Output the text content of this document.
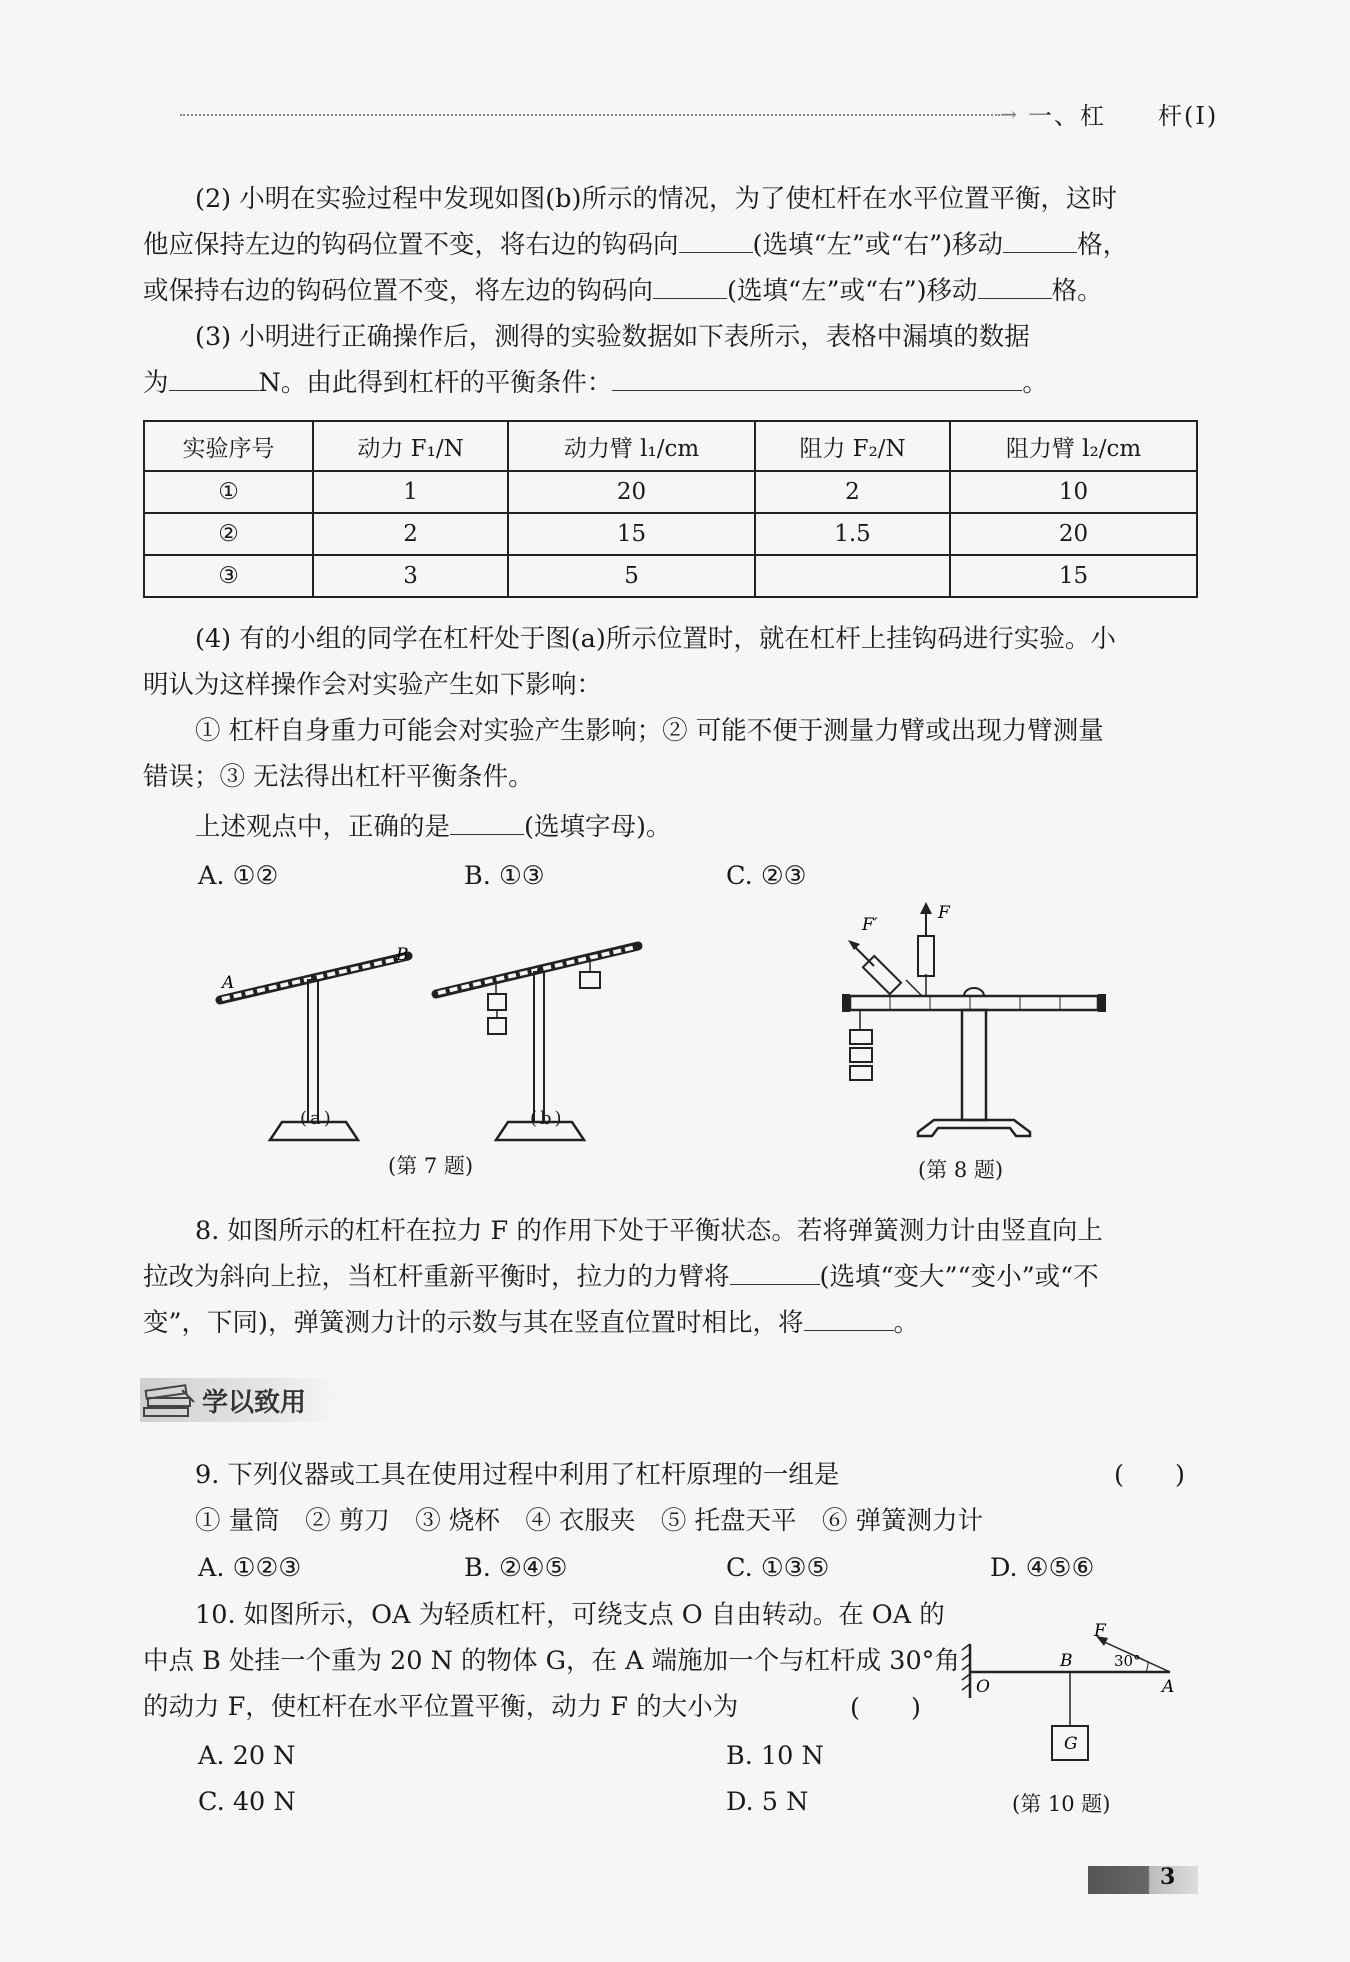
→ 一、杠　　杆(Ⅰ)
(2) 小明在实验过程中发现如图(b)所示的情况，为了使杠杆在水平位置平衡，这时
他应保持左边的钩码位置不变，将右边的钩码向	(选填“左”或“右”)移动	格，
或保持右边的钩码位置不变，将左边的钩码向	(选填“左”或“右”)移动	格。
(3) 小明进行正确操作后，测得的实验数据如下表所示，表格中漏填的数据
为	N。由此得到杠杆的平衡条件：	。
实验序号	动力 F₁/N	动力臂 l₁/cm	阻力 F₂/N	阻力臂 l₂/cm
①	1	20	2	10
②	2	15	1.5	20
③	3	5		15
(4) 有的小组的同学在杠杆处于图(a)所示位置时，就在杠杆上挂钩码进行实验。小
明认为这样操作会对实验产生如下影响：
① 杠杆自身重力可能会对实验产生影响；② 可能不便于测量力臂或出现力臂测量
错误；③ 无法得出杠杆平衡条件。
上述观点中，正确的是	(选填字母)。
A. ①②	B. ①③	C. ②③
A
B
(a)	(b)
(第 7 题)
F
F′
(第 8 题)
8. 如图所示的杠杆在拉力 F 的作用下处于平衡状态。若将弹簧测力计由竖直向上
拉改为斜向上拉，当杠杆重新平衡时，拉力的力臂将	(选填“变大”“变小”或“不
变”，下同)，弹簧测力计的示数与其在竖直位置时相比，将	。
学以致用
9. 下列仪器或工具在使用过程中利用了杠杆原理的一组是	(　　)
① 量筒　② 剪刀　③ 烧杯　④ 衣服夹　⑤ 托盘天平　⑥ 弹簧测力计
A. ①②③	B. ②④⑤	C. ①③⑤	D. ④⑤⑥
10. 如图所示，OA 为轻质杠杆，可绕支点 O 自由转动。在 OA 的
中点 B 处挂一个重为 20 N 的物体 G，在 A 端施加一个与杠杆成 30°角
的动力 F，使杠杆在水平位置平衡，动力 F 的大小为	(　　)
A. 20 N	B. 10 N
C. 40 N	D. 5 N
O
B
A
F
G
30°
(第 10 题)
3
